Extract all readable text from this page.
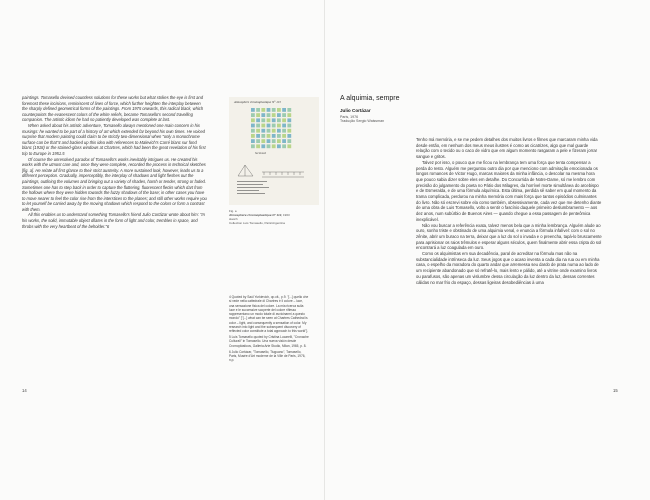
paintings. Tomasello devised countless solutions for these works but what strikes the eye is first and foremost these incisions, reminiscent of lines of force, which further heighten the interplay between the sharply defined geometrical forms of the paintings. From 1975 onwards, this radical black, which counterpoints the evanescent colors of the white reliefs, became Tomasello's second travelling companion. The artistic idiom he had so patiently developed was complete at last.

When asked about his artistic adventure, Tomasello always mentioned one main concern in his musings: he wanted to be part of a history of art which extended far beyond his own times. He voiced surprise that modern painting could claim to be strictly two-dimensional when "only a monochrome surface can be that"4 and backed up this idea with references to Malevich's Carré blanc sur fond blanc (1918) or the stained-glass windows at Chartres, which had been the great revelation of his first trip to Europe in 1951.5

Of course the unresolved paradox of Tomasello's works inevitably intrigues us. He created his works with the utmost care and, once they were complete, recorded the process in technical sketches [fig. a]. He relate all first glance to their strict austerity. A more sustained look, however, leads us to a different perception. Gradually, imperceptibly, the interplay of shadows and light fleshes out the paintings, outlining the volumes and bringing out a variety of shades, harsh or tender, strong or faded. Sometimes one has to step back in order to capture the fluttering, fluorescent flecks which dart from the hollows where they were hidden towards the fuzzy shadows of the base; in other cases you have to move nearer to feel the color rise from the interstices to the planes; and still other works require you to let yourself be carried away by the moving shadows which respond to the colors or form a contrast with them.

All this enables us to understand something Tomasello's friend Julio Cortázar wrote about him: "In his works, the solid, immutable object dilates in the form of light and color, trembles in space, and throbs with the very heartbeat of the beholder."6

Atmosphère chromoplastique N° 113
Sectioned
Fig. a
Atmosphère chromoplastique N° 113, 1963
sketch
Collection Luis Tomasello, Paris/Argentina

4 Quoted by Saúl Yurkievich, op.cit., p.9. "[...] quello che si vede nella cattedrale di Chartres è il colore – luce, una sensazione fisica del colore. La mia ricerca sulla luce e le successive scoperte del colore riflesso rappresentano un modo totale di avvicinarmi a questo mondo" ["[...] what can be seen at Chartres Cathedral is color – light, and consequently a sensation of color. My research into light and the subsequent discovery of reflected color constitute a total approach to this world"].

5 Luis Tomasello quoted by Cristina Lucarelli, "Cronache Culturali" in Tomasello. Una nueva visión desde Cromoplásticos, Galleria Arte Studio, Milan, 1965, p. 8.

6 Julio Cortázar, "Tomasello, Tiuguano", Tomasello, Paris, Musée d'Art moderne de la Ville de Paris, 1976, n.p.

14
A alquimia, sempre
Julio Cortázar

Paris, 1976

Tradução Sergio Waissman

Tenho má memória, e se me pedem detalhes dos muitos livros e filmes que marcaram minha vida desde então, em nenhum dos meus meus ilustres é como as cicatrizes, algo que mal guarde relação com o tecido ou o caco de vidro que em algum momento rasgaram a pele e fizeram jorrar sangue e gritos.

Talvez por isso, o pouco que me ficou na lembrança tem uma força que tenta compensar a perda do resto. Alguém me perguntou outro dia por que menciono com admiração emocionada os longos romances de Victor Hugo, marcas maiores da minha infância, o descolar na mesma hora que pouco sabia dizer sobre eles em detalhe. Do Concurrida de Notre-Dame, só me lembro com precisão do julgamento do poeta no Pátio dos Milagres, da horrível morte simultânea do arcebispo e de Esmeralda, e de uma fórmula alquímica. Esta última, perdida sê saber em qual momento da trama complicada, perdurou na minha memória com mais força que tantos episódios culminantes do livro. Não só escrevi sobre ela como também, obsessivamente, cada vez que me detenho diante de uma obra de Luis Tomasello, volto a sentir o fascínio daquele primeiro deslumbramento — aos dez anos, num subúrbio de Buenos Aires — quando chegue a essa passagem de penteômica inexplicável.

Não vou buscar a referência exata, talvez menos bela que a minha lembrança. Alguém alude ao ouro, sonho triste e obstinado de uma alquimia venal, e enuncia a fórmula infalível: com o sol no zênite, abrir um buraco na terra, deixar que a luz do sol o invada e o preencha, tapá-lo bruscamente para aprisionar os raios trêmulos e esperar alguns séculos, quem finalmente abrir essa cripta do sol encontrará a luz coagulada em ouro.

Como os alquimistas em sua decadência, paral de acreditar na fórmula mas não na substancialidade intrínseca da luz. Seus jogos que o acaso inventa a cada dia na rua ou em minha casa, o espelho da moradora do quarto andar que arremessa seu dardo de prata numa ao lado de um recipiente abandonado que só refratê-lo, mais lento e pálido, até a vitrine onde examino livros ou parafusos, são apenas um vislumbre dessa circulação da luz dentro da luz, dessas correntes cálidas no mar frio do espaço, dessas ligeiras desobediências à uma

15
